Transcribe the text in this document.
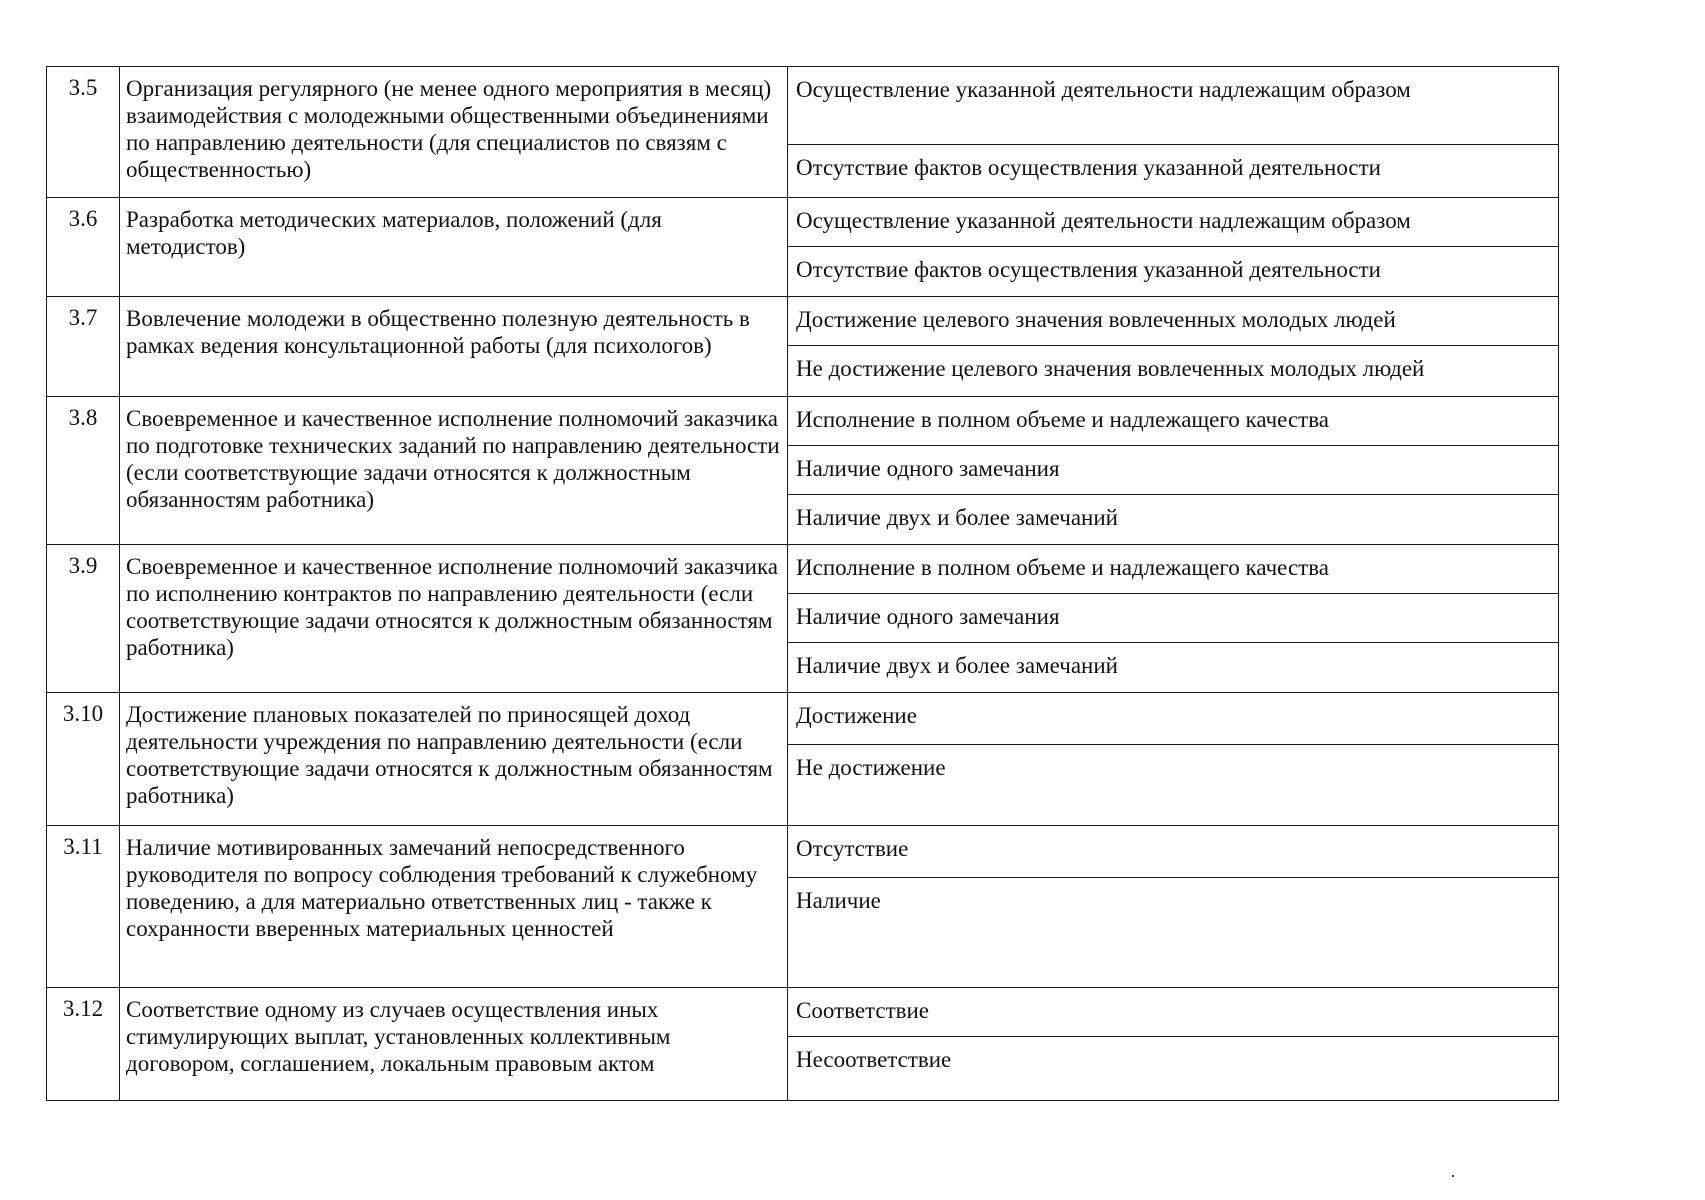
3.5	Организация регулярного (не менее одного мероприятия в месяц) взаимодействия с молодежными общественными объединениями по направлению деятельности (для специалистов по связям с общественностью)	Осуществление указанной деятельности надлежащим образом
Отсутствие фактов осуществления указанной деятельности

3.6	Разработка методических материалов, положений (для методистов)	Осуществление указанной деятельности надлежащим образом
Отсутствие фактов осуществления указанной деятельности

3.7	Вовлечение молодежи в общественно полезную деятельность в рамках ведения консультационной работы (для психологов)	Достижение целевого значения вовлеченных молодых людей
Не достижение целевого значения вовлеченных молодых людей

3.8	Своевременное и качественное исполнение полномочий заказчика по подготовке технических заданий по направлению деятельности (если соответствующие задачи относятся к должностным обязанностям работника)	Исполнение в полном объеме и надлежащего качества
Наличие одного замечания
Наличие двух и более замечаний

3.9	Своевременное и качественное исполнение полномочий заказчика по исполнению контрактов по направлению деятельности (если соответствующие задачи относятся к должностным обязанностям работника)	Исполнение в полном объеме и надлежащего качества
Наличие одного замечания
Наличие двух и более замечаний

3.10	Достижение плановых показателей по приносящей доход деятельности учреждения по направлению деятельности (если соответствующие задачи относятся к должностным обязанностям работника)	Достижение
Не достижение

3.11	Наличие мотивированных замечаний непосредственного руководителя по вопросу соблюдения требований к служебному поведению, а для материально ответственных лиц - также к сохранности вверенных материальных ценностей	Отсутствие
Наличие

3.12	Соответствие одному из случаев осуществления иных стимулирующих выплат, установленных коллективным договором, соглашением, локальным правовым актом	Соответствие
Несоответствие
